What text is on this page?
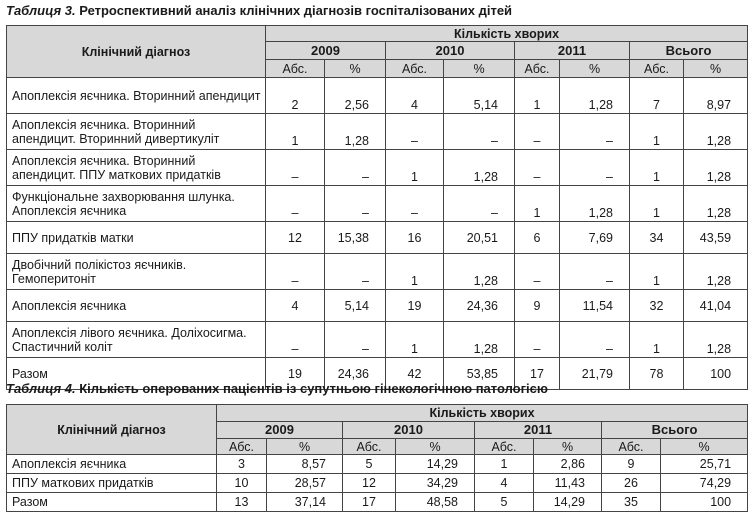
Таблиця 3. Ретроспективний аналіз клінічних діагнозів госпіталізованих дітей
Клінічний діагноз	Кількість хворих							
	2009		2010		2011		Всього	
	Абс.	%	Абс.	%	Абс.	%	Абс.	%
Апоплексія яєчника. Вторинний апендицит	2	2,56	4	5,14	1	1,28	7	8,97
Апоплексія яєчника. Вторинний апендицит. Вторинний дивертикуліт	1	1,28	–	–	–	–	1	1,28
Апоплексія яєчника. Вторинний апендицит. ППУ маткових придатків	–	–	1	1,28	–	–	1	1,28
Функціональне захворювання шлунка. Апоплексія яєчника	–	–	–	–	1	1,28	1	1,28
ППУ придатків матки	12	15,38	16	20,51	6	7,69	34	43,59
Двобічний полікістоз яєчників. Гемоперитоніт	–	–	1	1,28	–	–	1	1,28
Апоплексія яєчника	4	5,14	19	24,36	9	11,54	32	41,04
Апоплексія лівого яєчника. Доліхосигма. Спастичний коліт	–	–	1	1,28	–	–	1	1,28
Разом	19	24,36	42	53,85	17	21,79	78	100
Таблиця 4. Кількість оперованих пацієнтів із супутньою гінекологічною патологією
Клінічний діагноз	Кількість хворих							
	2009		2010		2011		Всього	
	Абс.	%	Абс.	%	Абс.	%	Абс.	%
Апоплексія яєчника	3	8,57	5	14,29	1	2,86	9	25,71
ППУ маткових придатків	10	28,57	12	34,29	4	11,43	26	74,29
Разом	13	37,14	17	48,58	5	14,29	35	100
